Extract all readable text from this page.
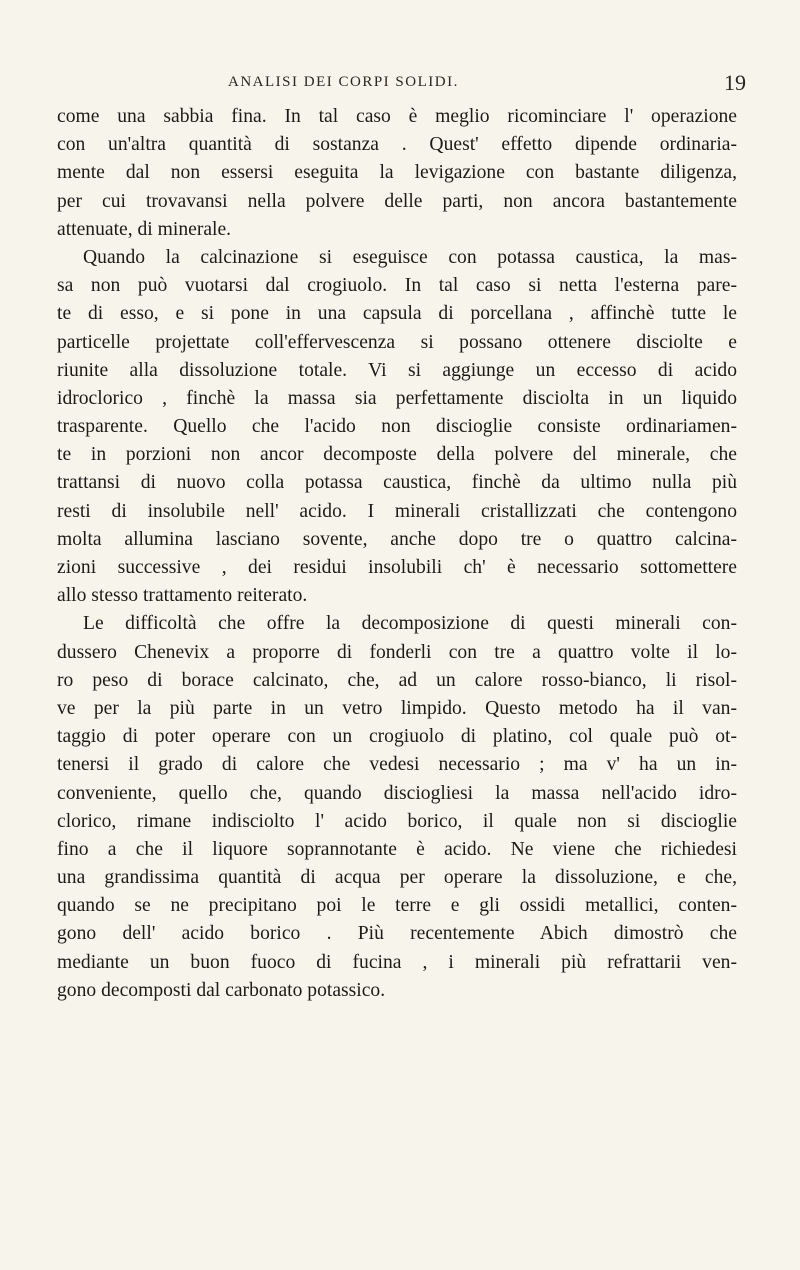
ANALISI DEI CORPI SOLIDI.	19
come una sabbia fina. In tal caso è meglio ricominciare l' operazione
con un'altra quantità di sostanza . Quest' effetto dipende ordinaria-
mente dal non essersi eseguita la levigazione con bastante diligenza,
per cui trovavansi nella polvere delle parti, non ancora bastantemente
attenuate, di minerale.
Quando la calcinazione si eseguisce con potassa caustica, la mas-
sa non può vuotarsi dal crogiuolo. In tal caso si netta l'esterna pare-
te di esso, e si pone in una capsula di porcellana , affinchè tutte le
particelle projettate coll'effervescenza si possano ottenere disciolte e
riunite alla dissoluzione totale. Vi si aggiunge un eccesso di acido
idroclorico , finchè la massa sia perfettamente disciolta in un liquido
trasparente. Quello che l'acido non discioglie consiste ordinariamen-
te in porzioni non ancor decomposte della polvere del minerale, che
trattansi di nuovo colla potassa caustica, finchè da ultimo nulla più
resti di insolubile nell' acido. I minerali cristallizzati che contengono
molta allumina lasciano sovente, anche dopo tre o quattro calcina-
zioni successive , dei residui insolubili ch' è necessario sottomettere
allo stesso trattamento reiterato.
Le difficoltà che offre la decomposizione di questi minerali con-
dussero Chenevix a proporre di fonderli con tre a quattro volte il lo-
ro peso di borace calcinato, che, ad un calore rosso-bianco, li risol-
ve per la più parte in un vetro limpido. Questo metodo ha il van-
taggio di poter operare con un crogiuolo di platino, col quale può ot-
tenersi il grado di calore che vedesi necessario ; ma v' ha un in-
conveniente, quello che, quando disciogliesi la massa nell'acido idro-
clorico, rimane indisciolto l' acido borico, il quale non si discioglie
fino a che il liquore soprannotante è acido. Ne viene che richiedesi
una grandissima quantità di acqua per operare la dissoluzione, e che,
quando se ne precipitano poi le terre e gli ossidi metallici, conten-
gono dell' acido borico . Più recentemente Abich dimostrò che
mediante un buon fuoco di fucina , i minerali più refrattarii ven-
gono decomposti dal carbonato potassico.
